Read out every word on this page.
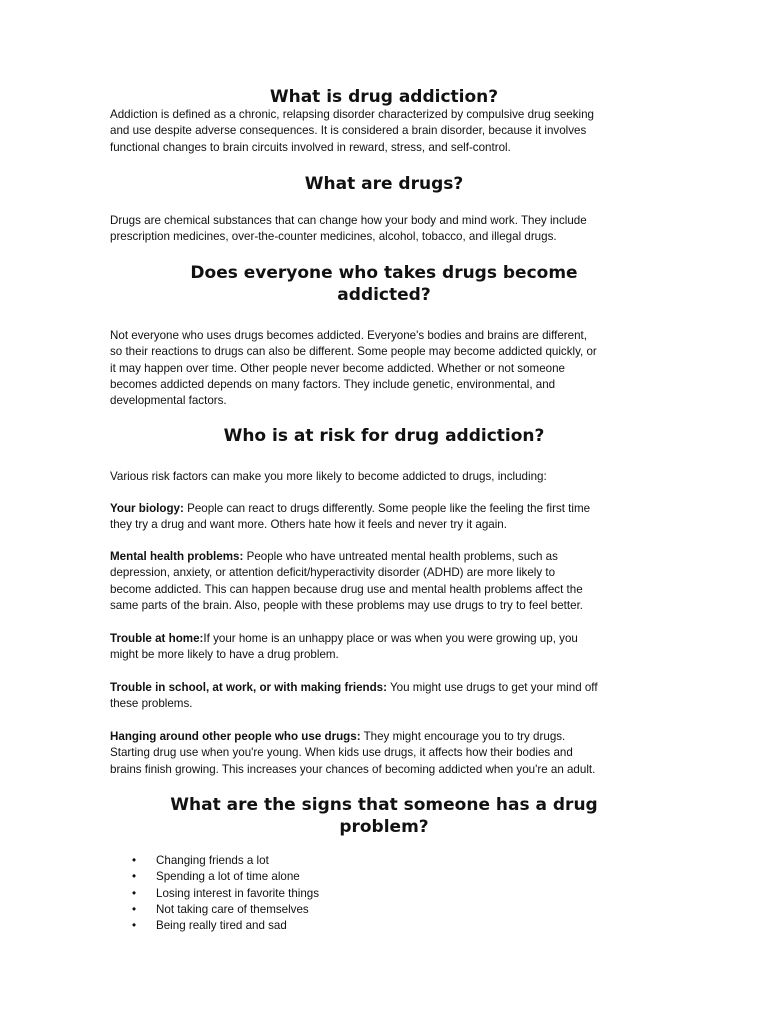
What is drug addiction?
Addiction is defined as a chronic, relapsing disorder characterized by compulsive drug seeking
and use despite adverse consequences. It is considered a brain disorder, because it involves
functional changes to brain circuits involved in reward, stress, and self-control.
What are drugs?
Drugs are chemical substances that can change how your body and mind work. They include
prescription medicines, over-the-counter medicines, alcohol, tobacco, and illegal drugs.
Does everyone who takes drugs become
addicted?
Not everyone who uses drugs becomes addicted. Everyone's bodies and brains are different,
so their reactions to drugs can also be different. Some people may become addicted quickly, or
it may happen over time. Other people never become addicted. Whether or not someone
becomes addicted depends on many factors. They include genetic, environmental, and
developmental factors.
Who is at risk for drug addiction?
Various risk factors can make you more likely to become addicted to drugs, including:
Your biology: People can react to drugs differently. Some people like the feeling the first time
they try a drug and want more. Others hate how it feels and never try it again.
Mental health problems: People who have untreated mental health problems, such as
depression, anxiety, or attention deficit/hyperactivity disorder (ADHD) are more likely to
become addicted. This can happen because drug use and mental health problems affect the
same parts of the brain. Also, people with these problems may use drugs to try to feel better.
Trouble at home:If your home is an unhappy place or was when you were growing up, you
might be more likely to have a drug problem.
Trouble in school, at work, or with making friends: You might use drugs to get your mind off
these problems.
Hanging around other people who use drugs: They might encourage you to try drugs.
Starting drug use when you're young. When kids use drugs, it affects how their bodies and
brains finish growing. This increases your chances of becoming addicted when you're an adult.
What are the signs that someone has a drug
problem?
• Changing friends a lot
• Spending a lot of time alone
• Losing interest in favorite things
• Not taking care of themselves
• Being really tired and sad
